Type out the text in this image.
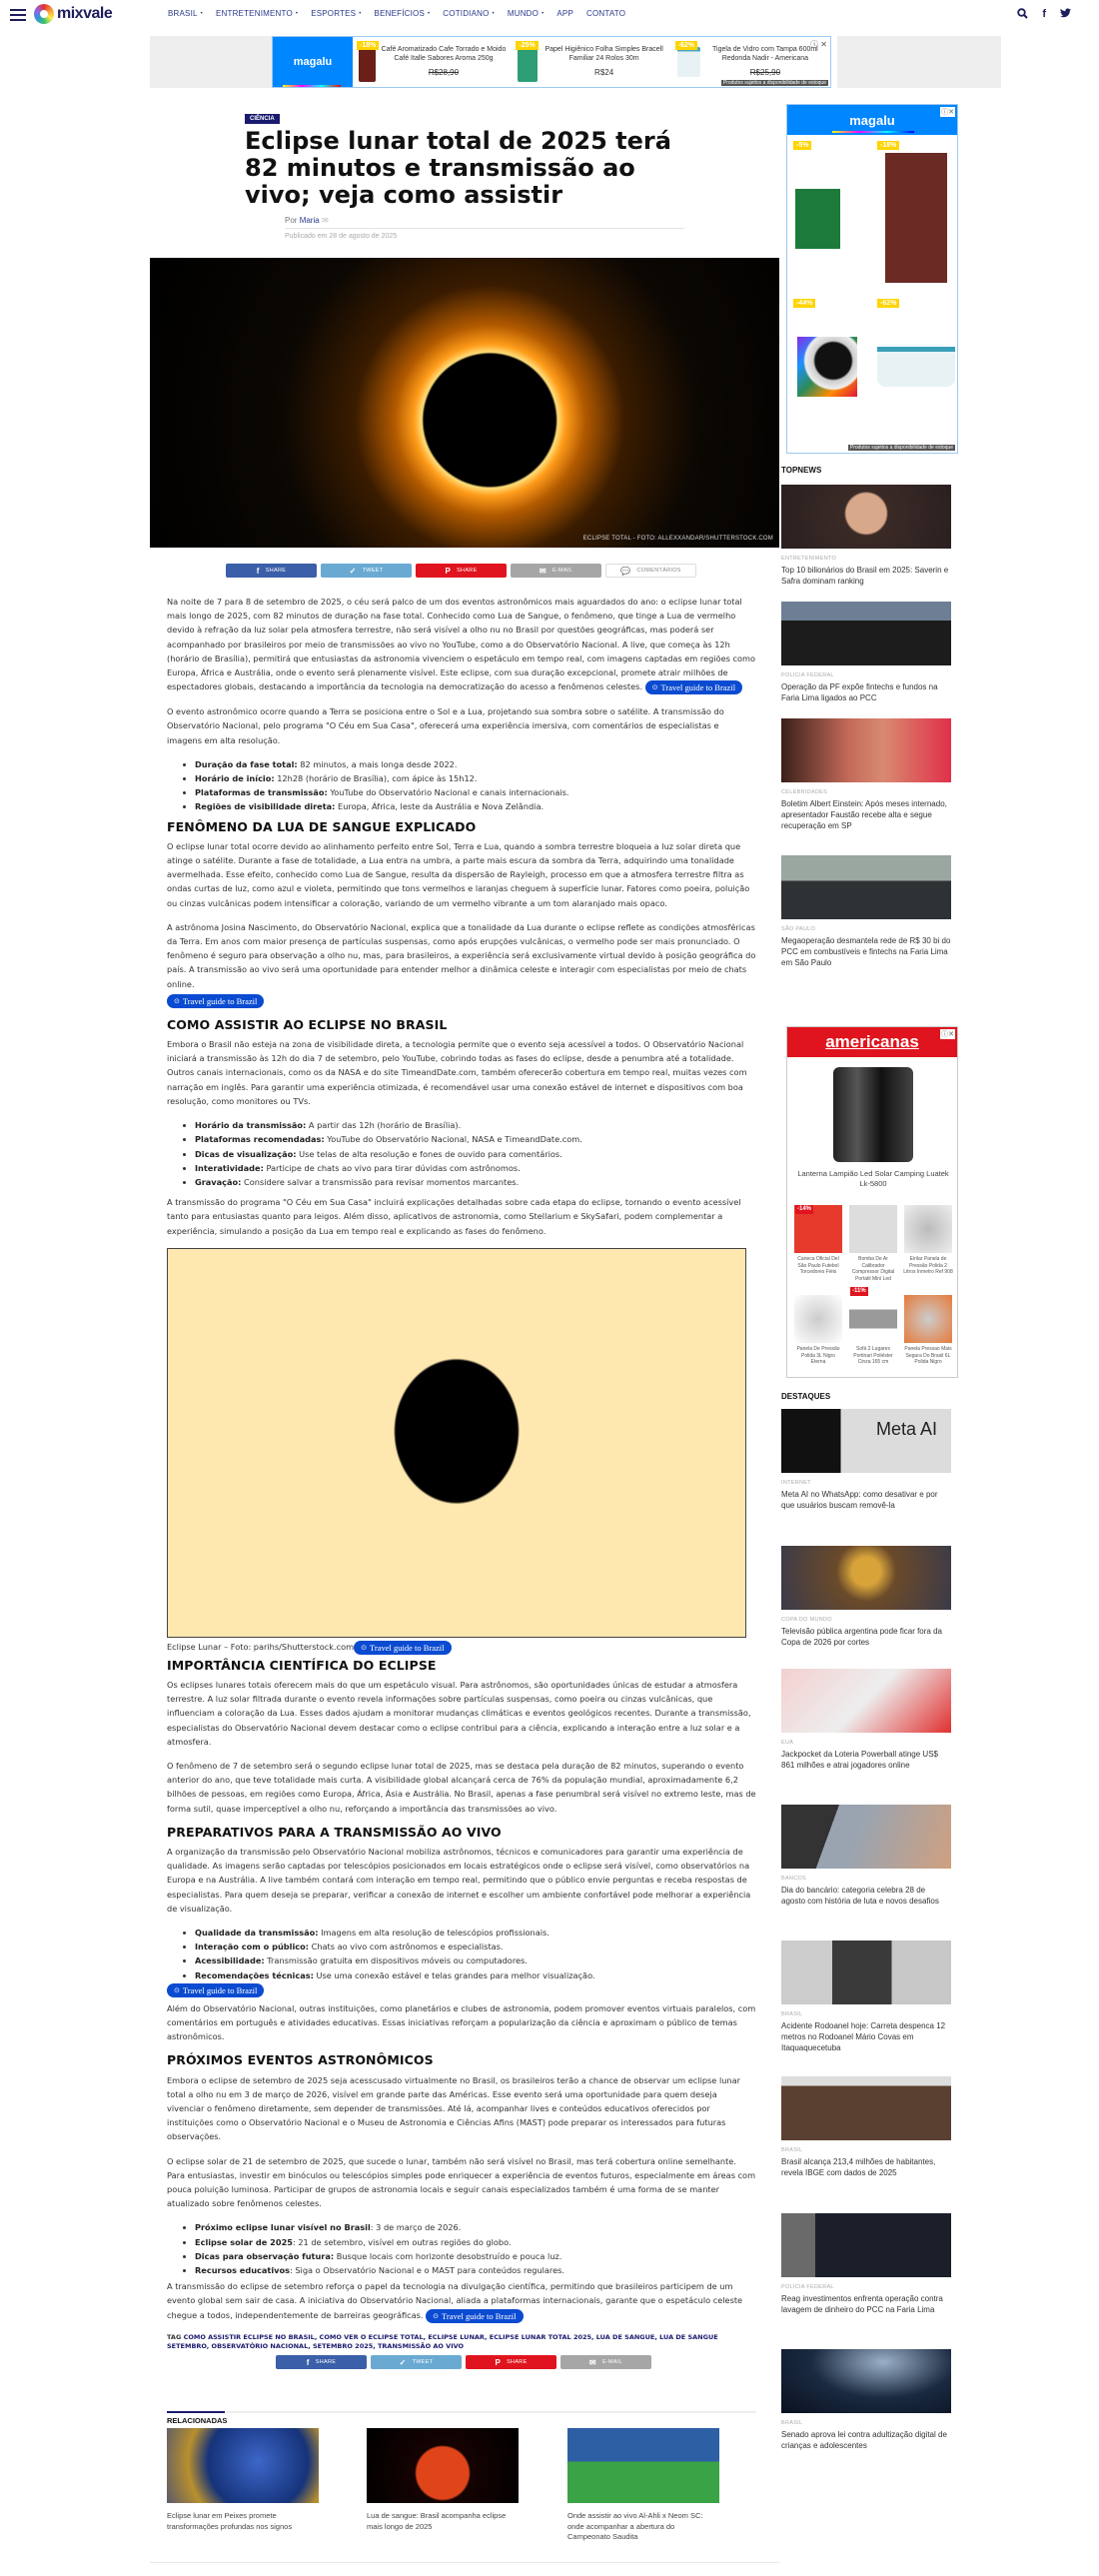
mixvale	BRASIL • ENTRETENIMENTO • ESPORTES • BENEFÍCIOS • COTIDIANO • MUNDO • APP CONTATO	f
magalu
-18%
Café Aromatizado Cafe Torrado e Moido Café Italle Sabores Aroma 250g
R$28,90
-25%
Papel Higiênico Folha Simples Bracell Familiar 24 Rolos 30m
R$24
-62%
Tigela de Vidro com Tampa 600ml Redonda Nadir - Americana
R$25,90
ⓘ ✕
Produtos sujeitos a disponibilidade de estoque
CIÊNCIA
Eclipse lunar total de 2025 terá 82 minutos e transmissão ao vivo; veja como assistir
Por Maria ✉
Publicado em 28 de agosto de 2025
ECLIPSE TOTAL - FOTO: ALLEXXANDAR/SHUTTERSTOCK.COM
f SHARE	✓ TWEET	P SHARE	✉ E-MAIL	💬 COMENTÁRIOS

Na noite de 7 para 8 de setembro de 2025, o céu será palco de um dos eventos astronômicos mais aguardados do ano: o eclipse lunar total mais longo de 2025, com 82 minutos de duração na fase total. Conhecido como Lua de Sangue, o fenômeno, que tinge a Lua de vermelho devido à refração da luz solar pela atmosfera terrestre, não será visível a olho nu no Brasil por questões geográficas, mas poderá ser acompanhado por brasileiros por meio de transmissões ao vivo no YouTube, como a do Observatório Nacional. A live, que começa às 12h (horário de Brasília), permitirá que entusiastas da astronomia vivenciem o espetáculo em tempo real, com imagens captadas em regiões como Europa, África e Austrália, onde o evento será plenamente visível. Este eclipse, com sua duração excepcional, promete atrair milhões de espectadores globais, destacando a importância da tecnologia na democratização do acesso a fenômenos celestes. ⊙ Travel guide to Brazil

O evento astronômico ocorre quando a Terra se posiciona entre o Sol e a Lua, projetando sua sombra sobre o satélite. A transmissão do Observatório Nacional, pelo programa "O Céu em Sua Casa", oferecerá uma experiência imersiva, com comentários de especialistas e imagens em alta resolução.

• Duração da fase total: 82 minutos, a mais longa desde 2022.
• Horário de início: 12h28 (horário de Brasília), com ápice às 15h12.
• Plataformas de transmissão: YouTube do Observatório Nacional e canais internacionais.
• Regiões de visibilidade direta: Europa, África, leste da Austrália e Nova Zelândia.
FENÔMENO DA LUA DE SANGUE EXPLICADO

O eclipse lunar total ocorre devido ao alinhamento perfeito entre Sol, Terra e Lua, quando a sombra terrestre bloqueia a luz solar direta que atinge o satélite. Durante a fase de totalidade, a Lua entra na umbra, a parte mais escura da sombra da Terra, adquirindo uma tonalidade avermelhada. Esse efeito, conhecido como Lua de Sangue, resulta da dispersão de Rayleigh, processo em que a atmosfera terrestre filtra as ondas curtas de luz, como azul e violeta, permitindo que tons vermelhos e laranjas cheguem à superfície lunar. Fatores como poeira, poluição ou cinzas vulcânicas podem intensificar a coloração, variando de um vermelho vibrante a um tom alaranjado mais opaco.

A astrônoma Josina Nascimento, do Observatório Nacional, explica que a tonalidade da Lua durante o eclipse reflete as condições atmosféricas da Terra. Em anos com maior presença de partículas suspensas, como após erupções vulcânicas, o vermelho pode ser mais pronunciado. O fenômeno é seguro para observação a olho nu, mas, para brasileiros, a experiência será exclusivamente virtual devido à posição geográfica do país. A transmissão ao vivo será uma oportunidade para entender melhor a dinâmica celeste e interagir com especialistas por meio de chats online.

⊙ Travel guide to Brazil

COMO ASSISTIR AO ECLIPSE NO BRASIL

Embora o Brasil não esteja na zona de visibilidade direta, a tecnologia permite que o evento seja acessível a todos. O Observatório Nacional iniciará a transmissão às 12h do dia 7 de setembro, pelo YouTube, cobrindo todas as fases do eclipse, desde a penumbra até a totalidade. Outros canais internacionais, como os da NASA e do site TimeandDate.com, também oferecerão cobertura em tempo real, muitas vezes com narração em inglês. Para garantir uma experiência otimizada, é recomendável usar uma conexão estável de internet e dispositivos com boa resolução, como monitores ou TVs.

• Horário da transmissão: A partir das 12h (horário de Brasília).
• Plataformas recomendadas: YouTube do Observatório Nacional, NASA e TimeandDate.com.
• Dicas de visualização: Use telas de alta resolução e fones de ouvido para comentários.
• Interatividade: Participe de chats ao vivo para tirar dúvidas com astrônomos.
• Gravação: Considere salvar a transmissão para revisar momentos marcantes.

A transmissão do programa "O Céu em Sua Casa" incluirá explicações detalhadas sobre cada etapa do eclipse, tornando o evento acessível tanto para entusiastas quanto para leigos. Além disso, aplicativos de astronomia, como Stellarium e SkySafari, podem complementar a experiência, simulando a posição da Lua em tempo real e explicando as fases do fenômeno.

Eclipse Lunar – Foto: parihs/Shutterstock.com ⊙ Travel guide to Brazil

IMPORTÂNCIA CIENTÍFICA DO ECLIPSE

Os eclipses lunares totais oferecem mais do que um espetáculo visual. Para astrônomos, são oportunidades únicas de estudar a atmosfera terrestre. A luz solar filtrada durante o evento revela informações sobre partículas suspensas, como poeira ou cinzas vulcânicas, que influenciam a coloração da Lua. Esses dados ajudam a monitorar mudanças climáticas e eventos geológicos recentes. Durante a transmissão, especialistas do Observatório Nacional devem destacar como o eclipse contribui para a ciência, explicando a interação entre a luz solar e a atmosfera.

O fenômeno de 7 de setembro será o segundo eclipse lunar total de 2025, mas se destaca pela duração de 82 minutos, superando o evento anterior do ano, que teve totalidade mais curta. A visibilidade global alcançará cerca de 76% da população mundial, aproximadamente 6,2 bilhões de pessoas, em regiões como Europa, África, Ásia e Austrália. No Brasil, apenas a fase penumbral será visível no extremo leste, mas de forma sutil, quase imperceptível a olho nu, reforçando a importância das transmissões ao vivo.

PREPARATIVOS PARA A TRANSMISSÃO AO VIVO

A organização da transmissão pelo Observatório Nacional mobiliza astrônomos, técnicos e comunicadores para garantir uma experiência de qualidade. As imagens serão captadas por telescópios posicionados em locais estratégicos onde o eclipse será visível, como observatórios na Europa e na Austrália. A live também contará com interação em tempo real, permitindo que o público envie perguntas e receba respostas de especialistas. Para quem deseja se preparar, verificar a conexão de internet e escolher um ambiente confortável pode melhorar a experiência de visualização.

• Qualidade da transmissão: Imagens em alta resolução de telescópios profissionais.
• Interação com o público: Chats ao vivo com astrônomos e especialistas.
• Acessibilidade: Transmissão gratuita em dispositivos móveis ou computadores.
• Recomendações técnicas: Use uma conexão estável e telas grandes para melhor visualização.

⊙ Travel guide to Brazil

Além do Observatório Nacional, outras instituições, como planetários e clubes de astronomia, podem promover eventos virtuais paralelos, com comentários em português e atividades educativas. Essas iniciativas reforçam a popularização da ciência e aproximam o público de temas astronômicos.

PRÓXIMOS EVENTOS ASTRONÔMICOS

Embora o eclipse de setembro de 2025 seja acesscusado virtualmente no Brasil, os brasileiros terão a chance de observar um eclipse lunar total a olho nu em 3 de março de 2026, visível em grande parte das Américas. Esse evento será uma oportunidade para quem deseja vivenciar o fenômeno diretamente, sem depender de transmissões. Até lá, acompanhar lives e conteúdos educativos oferecidos por instituições como o Observatório Nacional e o Museu de Astronomia e Ciências Afins (MAST) pode preparar os interessados para futuras observações.

O eclipse solar de 21 de setembro de 2025, que sucede o lunar, também não será visível no Brasil, mas terá cobertura online semelhante. Para entusiastas, investir em binóculos ou telescópios simples pode enriquecer a experiência de eventos futuros, especialmente em áreas com pouca poluição luminosa. Participar de grupos de astronomia locais e seguir canais especializados também é uma forma de se manter atualizado sobre fenômenos celestes.

• Próximo eclipse lunar visível no Brasil: 3 de março de 2026.
• Eclipse solar de 2025: 21 de setembro, visível em outras regiões do globo.
• Dicas para observação futura: Busque locais com horizonte desobstruído e pouca luz.
• Recursos educativos: Siga o Observatório Nacional e o MAST para conteúdos regulares.

A transmissão do eclipse de setembro reforça o papel da tecnologia na divulgação científica, permitindo que brasileiros participem de um evento global sem sair de casa. A iniciativa do Observatório Nacional, aliada a plataformas internacionais, garante que o espetáculo celeste chegue a todos, independentemente de barreiras geográficas. ⊙ Travel guide to Brazil

TAG COMO ASSISTIR ECLIPSE NO BRASIL, COMO VER O ECLIPSE TOTAL, ECLIPSE LUNAR, ECLIPSE LUNAR TOTAL 2025, LUA DE SANGUE, LUA DE SANGUE SETEMBRO, OBSERVATÓRIO NACIONAL, SETEMBRO 2025, TRANSMISSÃO AO VIVO
f SHARE	✓ TWEET	P SHARE	✉ E-MAIL
RELACIONADAS
Eclipse lunar em Peixes promete transformações profundas nos signos
Lua de sangue: Brasil acompanha eclipse mais longo de 2025
Onde assistir ao vivo Al-Ahli x Neom SC: onde acompanhar a abertura do Campeonato Saudita
magalu	ⓘ✕
-5%	-18%
-44%	-62%
Produtos sujeitos a disponibilidade de estoque
TOPNEWS
ENTRETENIMENTO
Top 10 bilionários do Brasil em 2025: Saverin e Safra dominam ranking
POLÍCIA FEDERAL
Operação da PF expõe fintechs e fundos na Faria Lima ligados ao PCC
CELEBRIDADES
Boletim Albert Einstein: Após meses internado, apresentador Faustão recebe alta e segue recuperação em SP
SÃO PAULO
Megaoperação desmantela rede de R$ 30 bi do PCC em combustíveis e fintechs na Faria Lima em São Paulo
americanas	ⓘ✕
Lanterna Lampião Led Solar Camping Luatek Lk-5800
-14%
Caneca Oficial Del São Paulo Futebol Torcedores Fiéis
Bomba De Ar Calibrador Compressor Digital Portatil Mini Led
Eirilar Panela de Pressão Polida 2 Litros Inmetro Ref 908
Panela De Pressão Polida 3L Nigro Eterna
-11%
Sofá 2 Lugares Portinari Poliéster Cinza 165 cm
Panela Pressao Mais Segura Do Brasil 6L Polida Nigro
DESTAQUES
Meta AI
INTERNET
Meta AI no WhatsApp: como desativar e por que usuários buscam removê-la
COPA DO MUNDO
Televisão pública argentina pode ficar fora da Copa de 2026 por cortes
EUA
Jackpocket da Loteria Powerball atinge US$ 861 milhões e atrai jogadores online
BANCOS
Dia do bancário: categoria celebra 28 de agosto com história de luta e novos desafios
BRASIL
Acidente Rodoanel hoje: Carreta despenca 12 metros no Rodoanel Mário Covas em Itaquaquecetuba
BRASIL
Brasil alcança 213,4 milhões de habitantes, revela IBGE com dados de 2025
POLÍCIA FEDERAL
Reag investimentos enfrenta operação contra lavagem de dinheiro do PCC na Faria Lima
BRASIL
Senado aprova lei contra adultização digital de crianças e adolescentes
